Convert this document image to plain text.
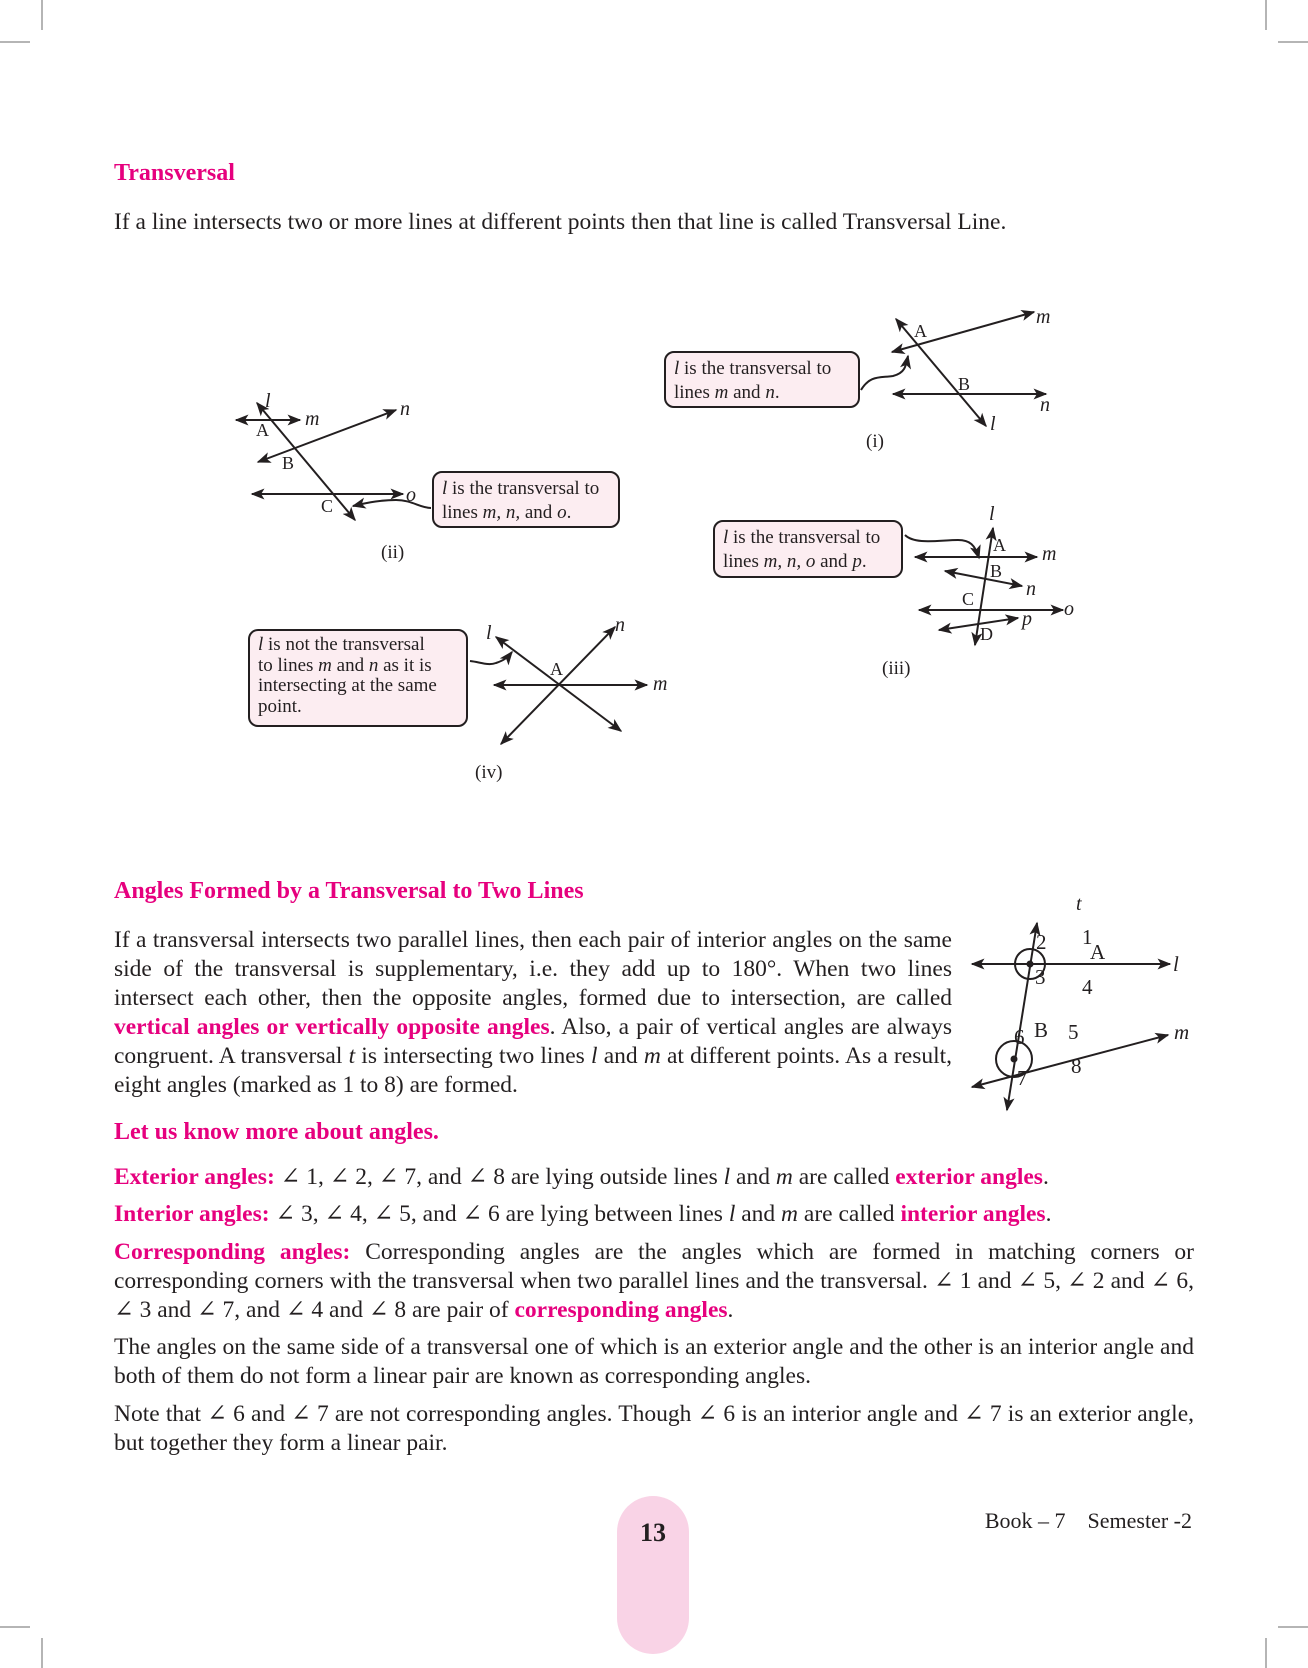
Transversal
If a line intersects two or more lines at different points then that line is called Transversal Line.
l is the transversal to
lines m and n.
A
B
m
n
l
(i)
l is the transversal to
lines m, n, and o.
l
m	n
o
A
B
C
(ii)
l is the transversal to
lines m, n, o and p.
l
A m
B
n
C	o
p
D
(iii)
l is not the transversal
to lines m and n as it is
intersecting at the same
point.
l	n
A
m
(iv)
Angles Formed by a Transversal to Two Lines
If a transversal intersects two parallel lines, then each pair of interior angles on the same side of the transversal is supplementary, i.e. they add up to 180°. When two lines intersect each other, then the opposite angles, formed due to intersection, are called vertical angles or vertically opposite angles. Also, a pair of vertical angles are always congruent. A transversal t is intersecting two lines l and m at different points. As a result, eight angles (marked as 1 to 8) are formed.
t
1
2 A	l
3 4
6 B 5	m
8
7
Let us know more about angles.
Exterior angles: ∠ 1, ∠ 2, ∠ 7, and ∠ 8 are lying outside lines l and m are called exterior angles.
Interior angles: ∠ 3, ∠ 4, ∠ 5, and ∠ 6 are lying between lines l and m are called interior angles.
Corresponding angles: Corresponding angles are the angles which are formed in matching corners or corresponding corners with the transversal when two parallel lines and the transversal. ∠ 1 and ∠ 5, ∠ 2 and ∠ 6, ∠ 3 and ∠ 7, and ∠ 4 and ∠ 8 are pair of corresponding angles.
The angles on the same side of a transversal one of which is an exterior angle and the other is an interior angle and both of them do not form a linear pair are known as corresponding angles.
Note that ∠ 6 and ∠ 7 are not corresponding angles. Though ∠ 6 is an interior angle and ∠ 7 is an exterior angle, but together they form a linear pair.
13	Book – 7 Semester -2
